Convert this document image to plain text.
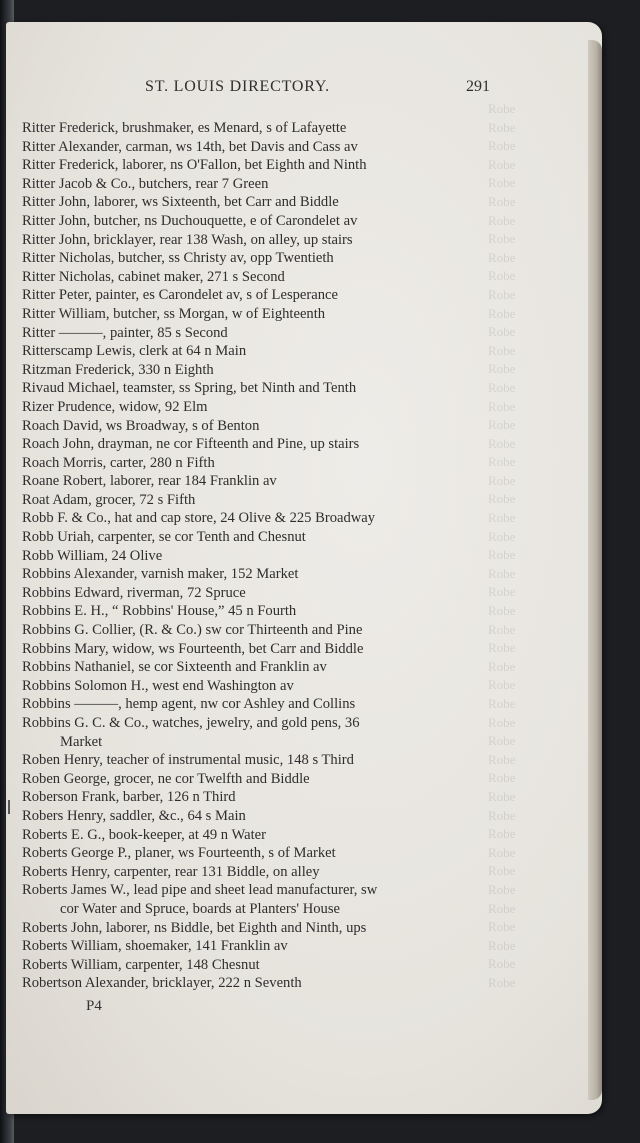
Robe
Robe
Robe
Robe
Robe
Robe
Robe
Robe
Robe
Robe
Robe
Robe
Robe
Robe
Robe
Robe
Robe
Robe
Robe
Robe
Robe
Robe
Robe
Robe
Robe
Robe
Robe
Robe
Robe
Robe
Robe
Robe
Robe
Robe
Robe
Robe
Robe
Robe
Robe
Robe
Robe
Robe
Robe
Robe
Robe
Robe
Robe
Robe
ST. LOUIS DIRECTORY.	291
Ritter Frederick, brushmaker, es Menard, s of Lafayette
Ritter Alexander, carman, ws 14th, bet Davis and Cass av
Ritter Frederick, laborer, ns O'Fallon, bet Eighth and Ninth
Ritter Jacob & Co., butchers, rear 7 Green
Ritter John, laborer, ws Sixteenth, bet Carr and Biddle
Ritter John, butcher, ns Duchouquette, e of Carondelet av
Ritter John, bricklayer, rear 138 Wash, on alley, up stairs
Ritter Nicholas, butcher, ss Christy av, opp Twentieth
Ritter Nicholas, cabinet maker, 271 s Second
Ritter Peter, painter, es Carondelet av, s of Lesperance
Ritter William, butcher, ss Morgan, w of Eighteenth
Ritter ———, painter, 85 s Second
Ritterscamp Lewis, clerk at 64 n Main
Ritzman Frederick, 330 n Eighth
Rivaud Michael, teamster, ss Spring, bet Ninth and Tenth
Rizer Prudence, widow, 92 Elm
Roach David, ws Broadway, s of Benton
Roach John, drayman, ne cor Fifteenth and Pine, up stairs
Roach Morris, carter, 280 n Fifth
Roane Robert, laborer, rear 184 Franklin av
Roat Adam, grocer, 72 s Fifth
Robb F. & Co., hat and cap store, 24 Olive & 225 Broadway
Robb Uriah, carpenter, se cor Tenth and Chesnut
Robb William, 24 Olive
Robbins Alexander, varnish maker, 152 Market
Robbins Edward, riverman, 72 Spruce
Robbins E. H., “ Robbins' House,” 45 n Fourth
Robbins G. Collier, (R. & Co.) sw cor Thirteenth and Pine
Robbins Mary, widow, ws Fourteenth, bet Carr and Biddle
Robbins Nathaniel, se cor Sixteenth and Franklin av
Robbins Solomon H., west end Washington av
Robbins ———, hemp agent, nw cor Ashley and Collins
Robbins G. C. & Co., watches, jewelry, and gold pens, 36
Market
Roben Henry, teacher of instrumental music, 148 s Third
Roben George, grocer, ne cor Twelfth and Biddle
Roberson Frank, barber, 126 n Third
Robers Henry, saddler, &c., 64 s Main
Roberts E. G., book-keeper, at 49 n Water
Roberts George P., planer, ws Fourteenth, s of Market
Roberts Henry, carpenter, rear 131 Biddle, on alley
Roberts James W., lead pipe and sheet lead manufacturer, sw
cor Water and Spruce, boards at Planters' House
Roberts John, laborer, ns Biddle, bet Eighth and Ninth, ups
Roberts William, shoemaker, 141 Franklin av
Roberts William, carpenter, 148 Chesnut
Robertson Alexander, bricklayer, 222 n Seventh
P4
